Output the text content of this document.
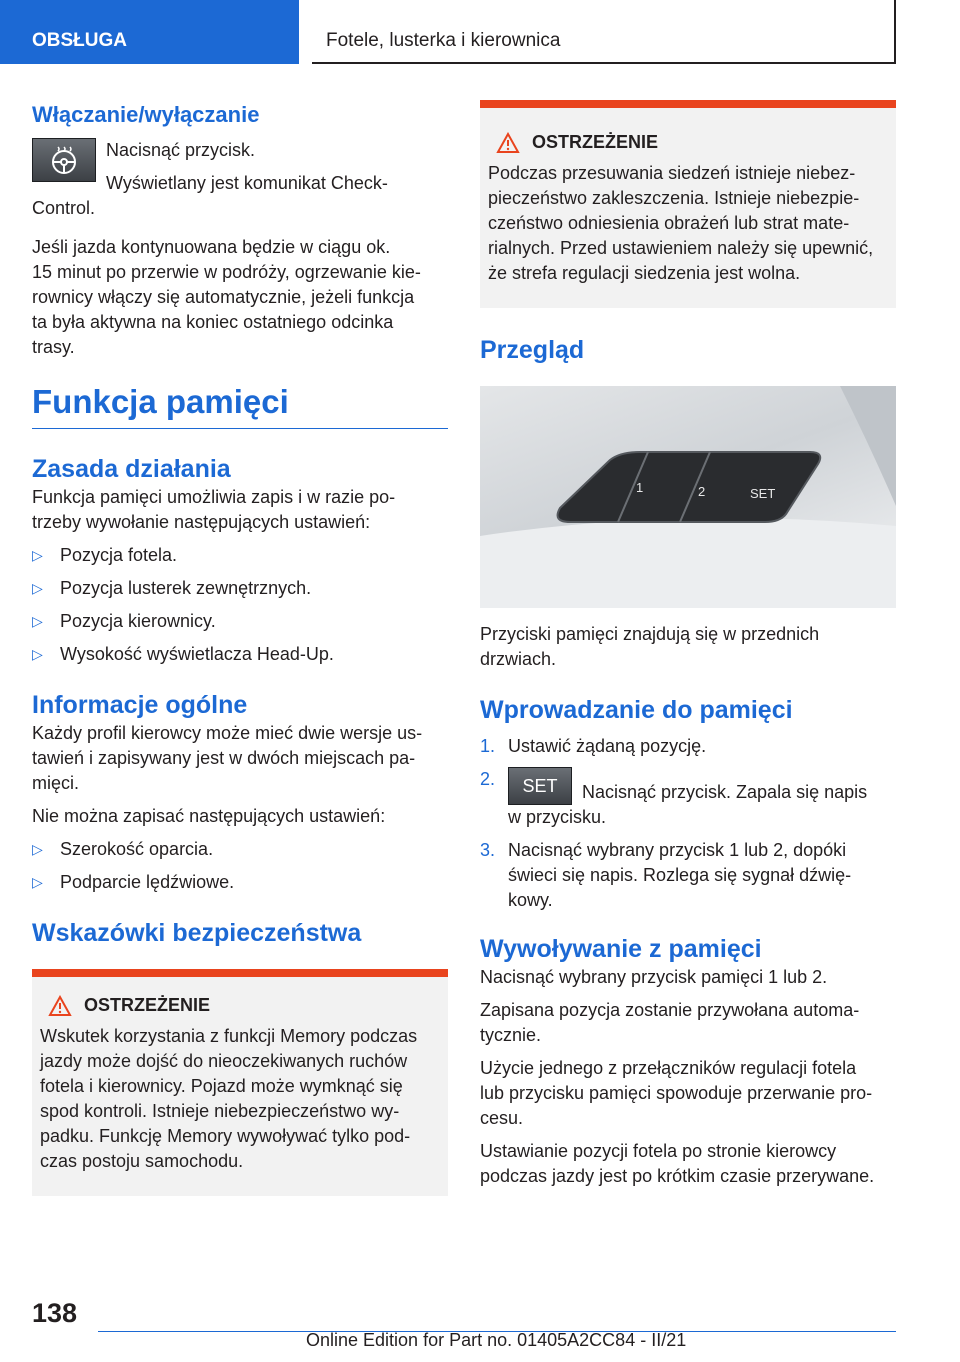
OBSŁUGA	Fotele, lusterka i kierownica
Włączanie/wyłączanie

Nacisnąć przycisk.

Wyświetlany jest komunikat Check-

Control.

Jeśli jazda kontynuowana będzie w ciągu ok.

15 minut po przerwie w podróży, ogrzewanie kie-

rownicy włączy się automatycznie, jeżeli funkcja

ta była aktywna na koniec ostatniego odcinka

trasy.

Funkcja pamięci
Zasada działania

Funkcja pamięci umożliwia zapis i w razie po-

trzeby wywołanie następujących ustawień:

▷ Pozycja fotela.
▷ Pozycja lusterek zewnętrznych.
▷ Pozycja kierownicy.
▷ Wysokość wyświetlacza Head-Up.
Informacje ogólne

Każdy profil kierowcy może mieć dwie wersje us-

tawień i zapisywany jest w dwóch miejscach pa-

mięci.

Nie można zapisać następujących ustawień:

▷ Szerokość oparcia.
▷ Podparcie lędźwiowe.
Wskazówki bezpieczeństwa
OSTRZEŻENIE

Wskutek korzystania z funkcji Memory podczas

jazdy może dojść do nieoczekiwanych ruchów

fotela i kierownicy. Pojazd może wymknąć się

spod kontroli. Istnieje niebezpieczeństwo wy-

padku. Funkcję Memory wywoływać tylko pod-

czas postoju samochodu.

OSTRZEŻENIE

Podczas przesuwania siedzeń istnieje niebez-

pieczeństwo zakleszczenia. Istnieje niebezpie-

czeństwo odniesienia obrażeń lub strat mate-

rialnych. Przed ustawieniem należy się upewnić,

że strefa regulacji siedzenia jest wolna.

Przegląd
1	2	SET

Przyciski pamięci znajdują się w przednich

drzwiach.

Wprowadzanie do pamięci
1. Ustawić żądaną pozycję.
2.	SET	Nacisnąć przycisk. Zapala się napis

w przycisku.

3. Nacisnąć wybrany przycisk 1 lub 2, dopóki

świeci się napis. Rozlega się sygnał dźwię-

kowy.

Wywoływanie z pamięci

Nacisnąć wybrany przycisk pamięci 1 lub 2.

Zapisana pozycja zostanie przywołana automa-

tycznie.

Użycie jednego z przełączników regulacji fotela

lub przycisku pamięci spowoduje przerwanie pro-

cesu.

Ustawianie pozycji fotela po stronie kierowcy

podczas jazdy jest po krótkim czasie przerywane.

138
Online Edition for Part no. 01405A2CC84 - II/21
